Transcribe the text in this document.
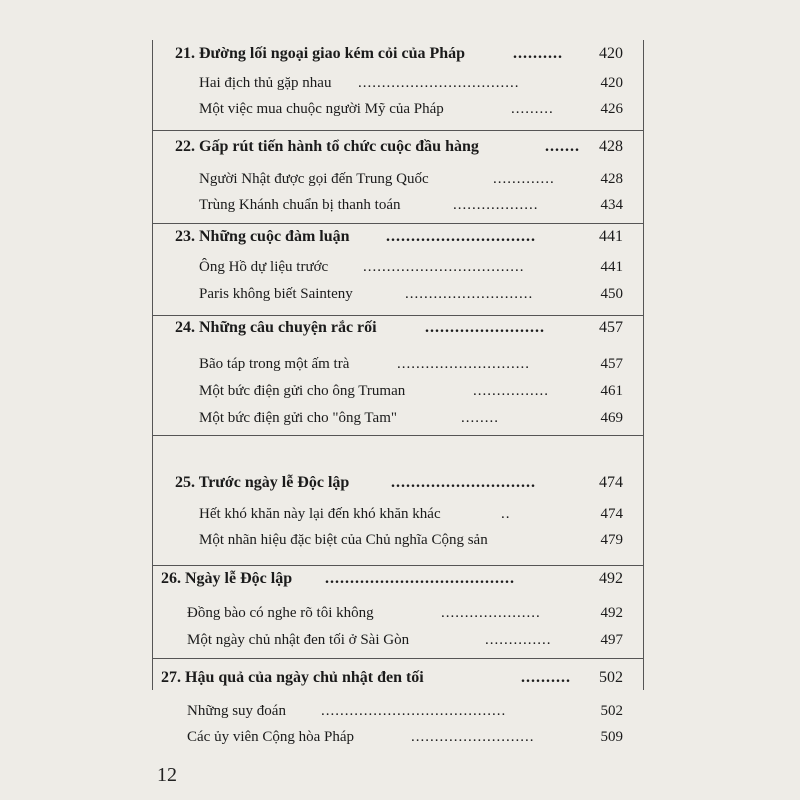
21. Đường lối ngoại giao kém cỏi của Pháp	..........	420
Hai địch thủ gặp nhau ..................................	420
Một việc mua chuộc người Mỹ của Pháp	.........	426
22. Gấp rút tiến hành tổ chức cuộc đầu hàng	.......	428
Người Nhật được gọi đến Trung Quốc	.............	428
Trùng Khánh chuẩn bị thanh toán	..................	434
23. Những cuộc đàm luận ..............................	441
Ông Hồ dự liệu trước ..................................	441
Paris không biết Sainteny	...........................	450
24. Những câu chuyện rắc rối	........................	457
Bão táp trong một ấm trà	............................	457
Một bức điện gửi cho ông Truman	................	461
Một bức điện gửi cho "ông Tam"	........	469
25. Trước ngày lễ Độc lập	.............................	474
Hết khó khăn này lại đến khó khăn khác	..	474
Một nhãn hiệu đặc biệt của Chủ nghĩa Cộng sản	479
26. Ngày lễ Độc lập ......................................	492
Đồng bào có nghe rõ tôi không	.....................	492
Một ngày chủ nhật đen tối ở Sài Gòn	..............	497
27. Hậu quả của ngày chủ nhật đen tối	..........	502
Những suy đoán .......................................	502
Các ủy viên Cộng hòa Pháp	..........................	509
12
